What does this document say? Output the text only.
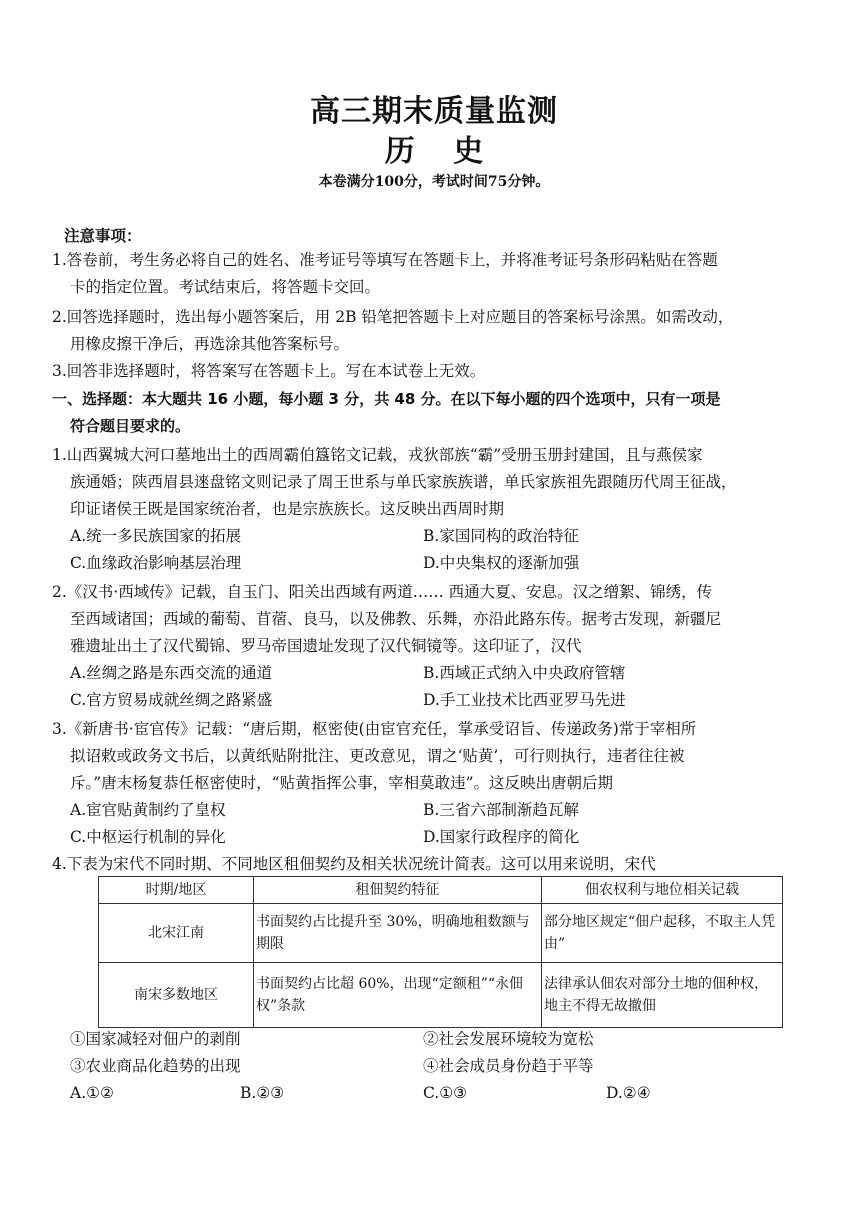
高三期末质量监测
历 史
本卷满分100分，考试时间75分钟。
注意事项：
1.答卷前，考生务必将自己的姓名、准考证号等填写在答题卡上，并将准考证号条形码粘贴在答题
卡的指定位置。考试结束后，将答题卡交回。
2.回答选择题时，选出每小题答案后，用 2B 铅笔把答题卡上对应题目的答案标号涂黑。如需改动，
用橡皮擦干净后，再选涂其他答案标号。
3.回答非选择题时，将答案写在答题卡上。写在本试卷上无效。
一、选择题：本大题共 16 小题，每小题 3 分，共 48 分。在以下每小题的四个选项中，只有一项是
符合题目要求的。
1.山西翼城大河口墓地出土的西周霸伯簋铭文记载，戎狄部族“霸”受册玉册封建国，且与燕侯家
族通婚；陕西眉县逨盘铭文则记录了周王世系与单氏家族族谱，单氏家族祖先跟随历代周王征战，
印证诸侯王既是国家统治者，也是宗族族长。这反映出西周时期
A.统一多民族国家的拓展	B.家国同构的政治特征
C.血缘政治影响基层治理	D.中央集权的逐渐加强
2.《汉书·西域传》记载，自玉门、阳关出西域有两道…… 西通大夏、安息。汉之缯絮、锦绣，传
至西域诸国；西域的葡萄、苜蓿、良马，以及佛教、乐舞，亦沿此路东传。据考古发现，新疆尼
雅遗址出土了汉代蜀锦、罗马帝国遗址发现了汉代铜镜等。这印证了，汉代
A.丝绸之路是东西交流的通道	B.西域正式纳入中央政府管辖
C.官方贸易成就丝绸之路紧盛	D.手工业技术比西亚罗马先进
3.《新唐书·宦官传》记载：“唐后期，枢密使(由宦官充任，掌承受诏旨、传递政务)常于宰相所
拟诏敕或政务文书后，以黄纸贴附批注、更改意见，谓之‘贴黄’，可行则执行，违者往往被
斥。”唐末杨复恭任枢密使时，“贴黄指挥公事，宰相莫敢违”。这反映出唐朝后期
A.宦官贴黄制约了皇权	B.三省六部制渐趋瓦解
C.中枢运行机制的异化	D.国家行政程序的简化
4.下表为宋代不同时期、不同地区租佃契约及相关状况统计简表。这可以用来说明，宋代
时期/地区	租佃契约特征	佃农权利与地位相关记载
北宋江南	书面契约占比提升至 30%，明确地租数额与期限	部分地区规定“佃户起移，不取主人凭由”
南宋多数地区	书面契约占比超 60%，出现“定额租”“永佃权”条款	法律承认佃农对部分土地的佃种权，地主不得无故撤佃
①国家减轻对佃户的剥削	②社会发展环境较为宽松
③农业商品化趋势的出现	④社会成员身份趋于平等
A.①②	B.②③	C.①③	D.②④
